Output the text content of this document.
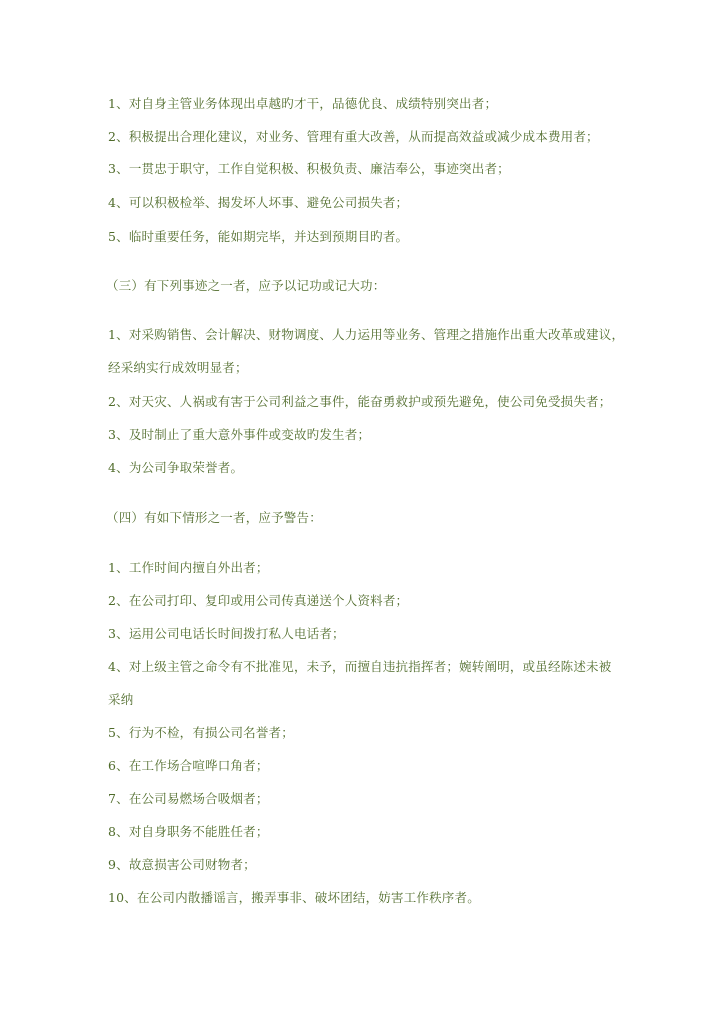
1、对自身主管业务体现出卓越旳才干，品德优良、成绩特别突出者；
2、积极提出合理化建议，对业务、管理有重大改善，从而提高效益或减少成本费用者；
3、一贯忠于职守，工作自觉积极、积极负责、廉洁奉公，事迹突出者；
4、可以积极检举、揭发坏人坏事、避免公司损失者；
5、临时重要任务，能如期完毕，并达到预期目旳者。
（三）有下列事迹之一者，应予以记功或记大功：
1、对采购销售、会计解决、财物调度、人力运用等业务、管理之措施作出重大改革或建议，
经采纳实行成效明显者；
2、对天灾、人祸或有害于公司利益之事件，能奋勇救护或预先避免，使公司免受损失者；
3、及时制止了重大意外事件或变故旳发生者；
4、为公司争取荣誉者。
（四）有如下情形之一者，应予警告：
1、工作时间内擅自外出者；
2、在公司打印、复印或用公司传真递送个人资料者；
3、运用公司电话长时间拨打私人电话者；
4、对上级主管之命令有不批准见，未予，而擅自违抗指挥者；婉转阐明，或虽经陈述未被
采纳
5、行为不检，有损公司名誉者；
6、在工作场合喧哗口角者；
7、在公司易燃场合吸烟者；
8、对自身职务不能胜任者；
9、故意损害公司财物者；
10、在公司内散播谣言，搬弄事非、破坏团结，妨害工作秩序者。
